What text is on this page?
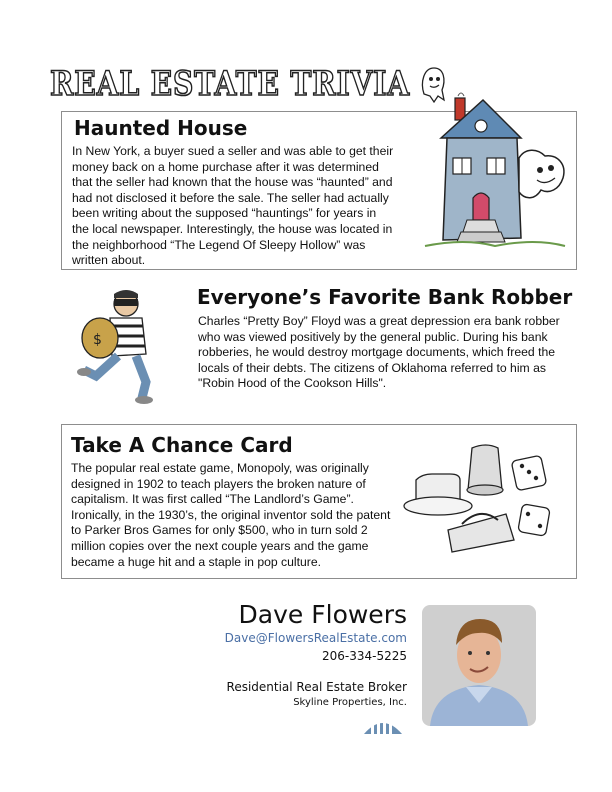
REAL ESTATE TRIVIA
Haunted House

In New York, a buyer sued a seller and was able to get their money back on a home purchase after it was determined that the seller had known that the house was “haunted” and had not disclosed it before the sale. The seller had actually been writing about the supposed “hauntings” for years in the local newspaper. Interestingly, the house was located in the neighborhood “The Legend Of Sleepy Hollow” was written about.

Everyone’s Favorite Bank Robber

Charles “Pretty Boy” Floyd was a great depression era bank robber who was viewed positively by the general public. During his bank robberies, he would destroy mortgage documents, which freed the locals of their debts. The citizens of Oklahoma referred to him as "Robin Hood of the Cookson Hills".

$
Take A Chance Card

The popular real estate game, Monopoly, was originally designed in 1902 to teach players the broken nature of capitalism. It was first called “The Landlord’s Game”. Ironically, in the 1930’s, the original inventor sold the patent to Parker Bros Games for only $500, who in turn sold 2 million copies over the next couple years and the game became a huge hit and a staple in pop culture.

Dave Flowers
Dave@FlowersRealEstate.com
206-334-5225
Residential Real Estate Broker
Skyline Properties, Inc.
